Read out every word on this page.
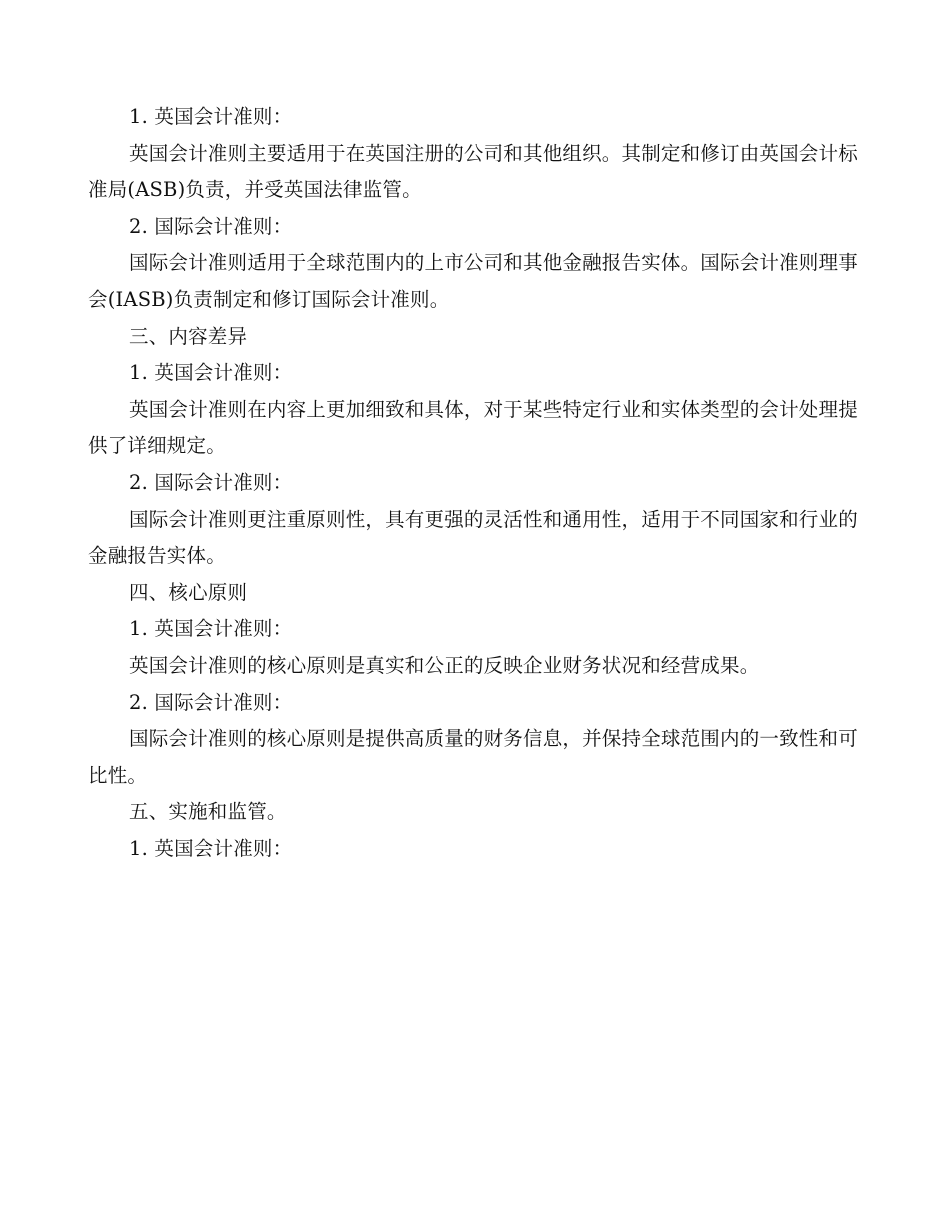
1. 英国会计准则：

英国会计准则主要适用于在英国注册的公司和其他组织。其制定和修订由英国会计标准局(ASB)负责，并受英国法律监管。

2. 国际会计准则：

国际会计准则适用于全球范围内的上市公司和其他金融报告实体。国际会计准则理事会(IASB)负责制定和修订国际会计准则。

三、内容差异

1. 英国会计准则：

英国会计准则在内容上更加细致和具体，对于某些特定行业和实体类型的会计处理提供了详细规定。

2. 国际会计准则：

国际会计准则更注重原则性，具有更强的灵活性和通用性，适用于不同国家和行业的金融报告实体。

四、核心原则

1. 英国会计准则：

英国会计准则的核心原则是真实和公正的反映企业财务状况和经营成果。

2. 国际会计准则：

国际会计准则的核心原则是提供高质量的财务信息，并保持全球范围内的一致性和可比性。

五、实施和监管。

1. 英国会计准则：
